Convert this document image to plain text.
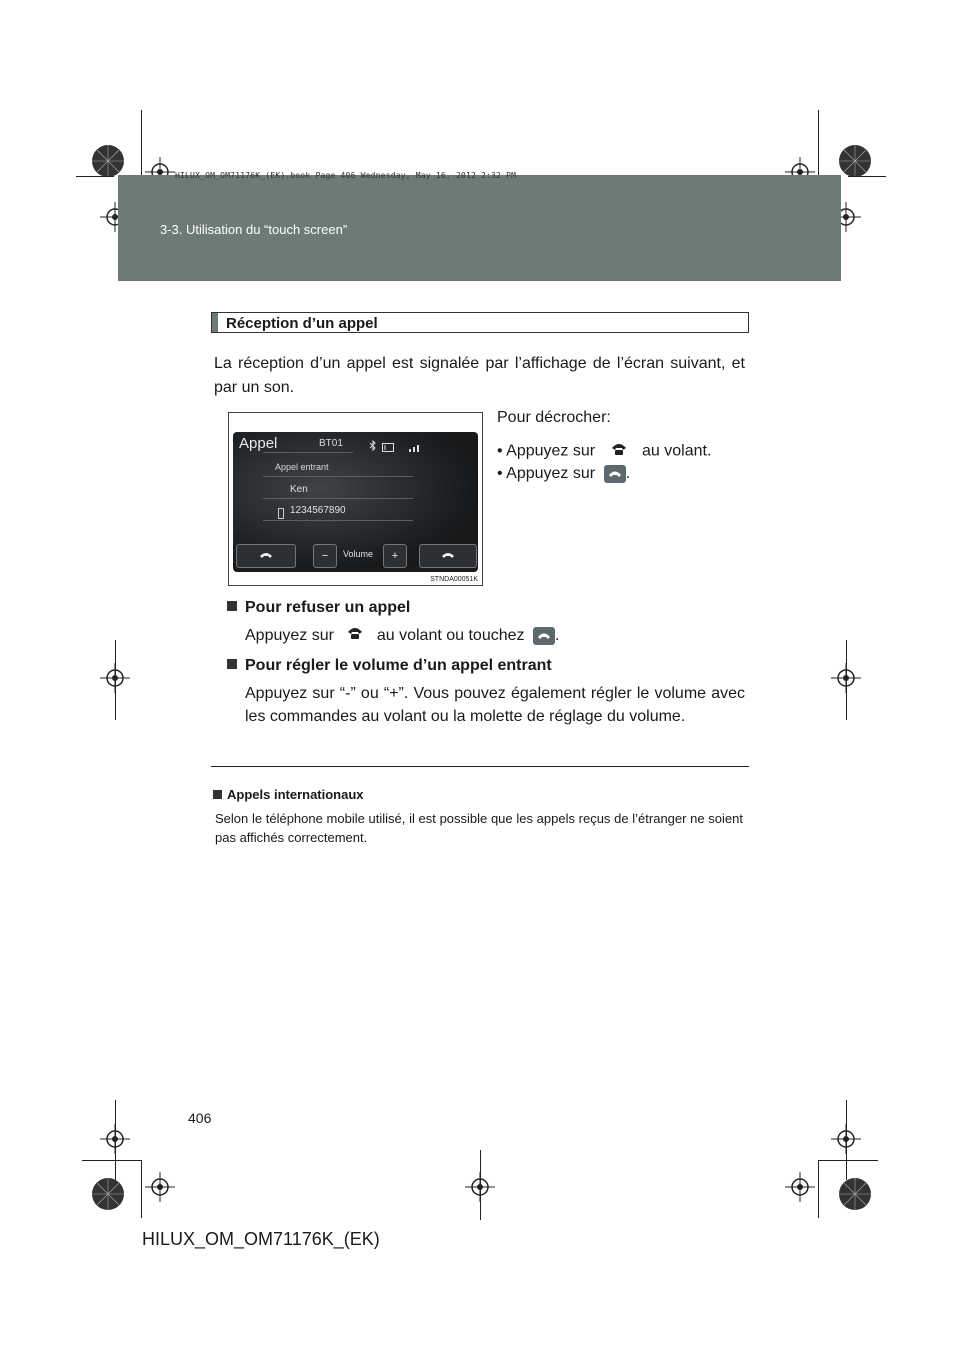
HILUX_OM_OM71176K_(EK).book Page 406 Wednesday, May 16, 2012 2:32 PM
3-3. Utilisation du “touch screen”
Réception d’un appel
La réception d’un appel est signalée par l’affichage de l’écran suivant, et par un son.
Appel	BT01
Appel entrant
Ken
1234567890
−	Volume	+
STNDA00051K
Pour décrocher:
• Appuyez sur	au volant.
• Appuyez sur .
Pour refuser un appel
Appuyez sur	au volant ou touchez .
Pour régler le volume d’un appel entrant
Appuyez sur “-” ou “+”. Vous pouvez également régler le volume avec les commandes au volant ou la molette de réglage du volume.
Appels internationaux
Selon le téléphone mobile utilisé, il est possible que les appels reçus de l’étranger ne soient pas affichés correctement.
406
HILUX_OM_OM71176K_(EK)
